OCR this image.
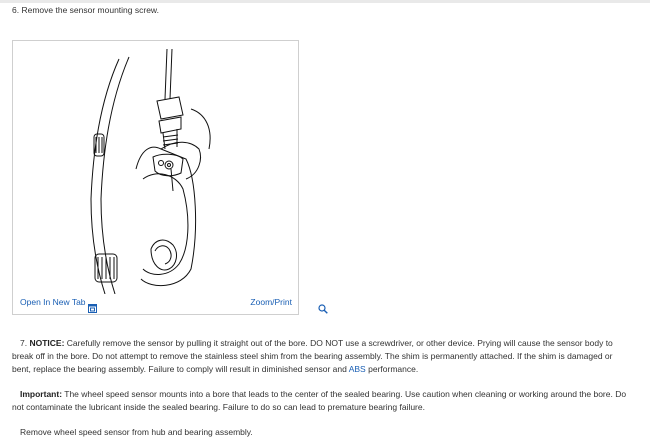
6. Remove the sensor mounting screw.
Open In New Tab	Zoom/Print
7. NOTICE: Carefully remove the sensor by pulling it straight out of the bore. DO NOT use a screwdriver, or other device. Prying will cause the sensor body to break off in the bore. Do not attempt to remove the stainless steel shim from the bearing assembly. The shim is permanently attached. If the shim is damaged or bent, replace the bearing assembly. Failure to comply will result in diminished sensor and ABS performance.
Important: The wheel speed sensor mounts into a bore that leads to the center of the sealed bearing. Use caution when cleaning or working around the bore. Do not contaminate the lubricant inside the sealed bearing. Failure to do so can lead to premature bearing failure.
Remove wheel speed sensor from hub and bearing assembly.
